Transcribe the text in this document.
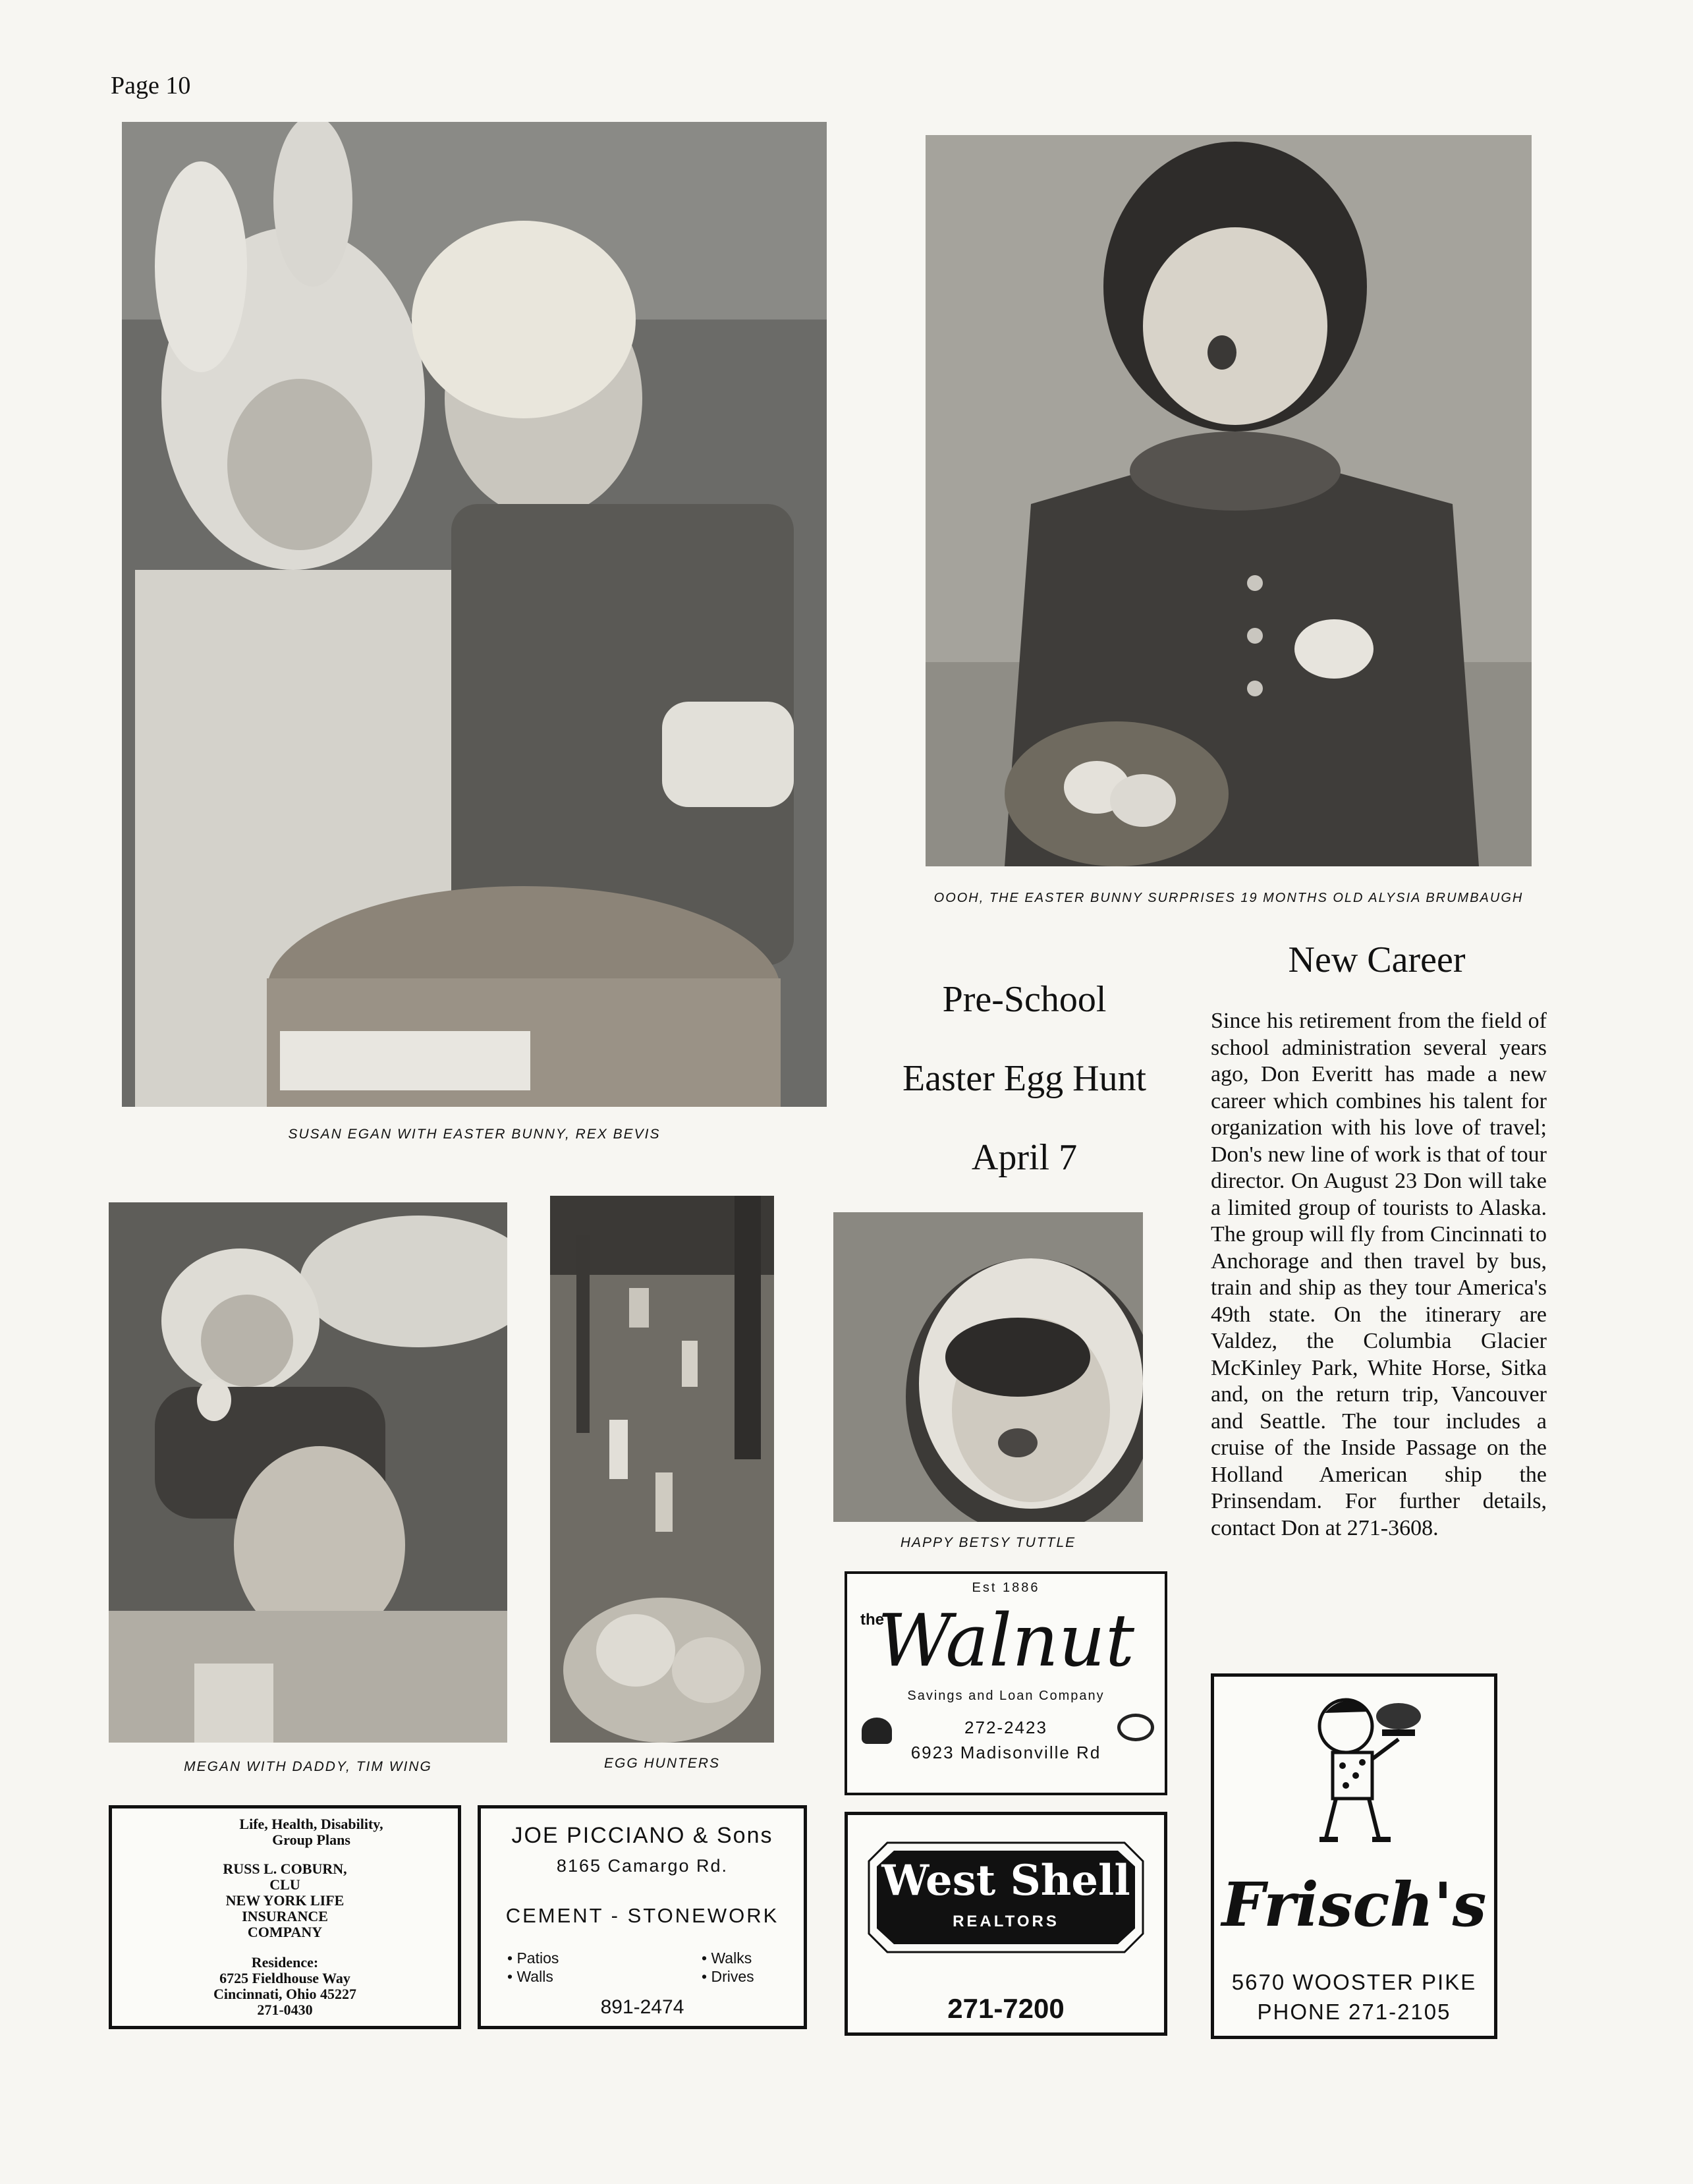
Page 10
SUSAN EGAN WITH EASTER BUNNY, REX BEVIS
OOOH, THE EASTER BUNNY SURPRISES 19 MONTHS OLD ALYSIA BRUMBAUGH
Pre-School
Easter Egg Hunt
April 7
New Career
Since his retirement from the field of school administration several years ago, Don Everitt has made a new career which combines his talent for organization with his love of travel; Don's new line of work is that of tour director. On August 23 Don will take a limited group of tourists to Alaska. The group will fly from Cincinnati to Anchorage and then travel by bus, train and ship as they tour America's 49th state. On the itinerary are Valdez, the Columbia Glacier McKinley Park, White Horse, Sitka and, on the return trip, Vancouver and Seattle. The tour includes a cruise of the Inside Passage on the Holland American ship the Prinsendam. For further details, contact Don at 271-3608.
MEGAN WITH DADDY, TIM WING	EGG HUNTERS
HAPPY BETSY TUTTLE
Life, Health, Disability,
Group Plans
RUSS L. COBURN,
CLU
NEW YORK LIFE
INSURANCE
COMPANY
Residence:
6725 Fieldhouse Way
Cincinnati, Ohio 45227
271-0430
JOE PICCIANO & Sons
8165 Camargo Rd.
CEMENT - STONEWORK
• Patios
• Walls
• Walks
• Drives
891-2474
Est 1886
the
Walnut
Savings and Loan Company
272-2423
6923 Madisonville Rd
West Shell
REALTORS
271-7200
Frisch's
5670 WOOSTER PIKE
PHONE 271-2105
